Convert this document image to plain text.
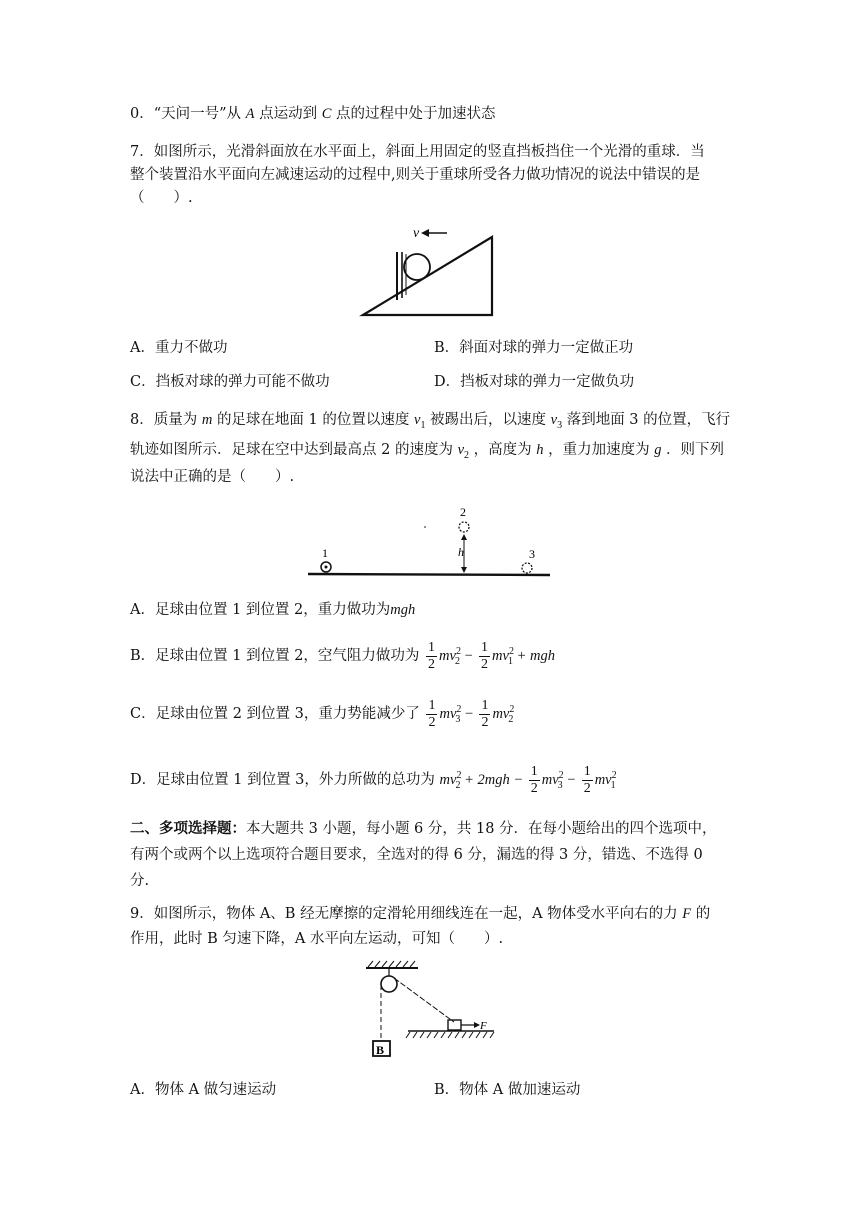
0．“天问一号”从 A 点运动到 C 点的过程中处于加速状态
7．如图所示，光滑斜面放在水平面上，斜面上用固定的竖直挡板挡住一个光滑的重球．当
整个装置沿水平面向左减速运动的过程中,则关于重球所受各力做功情况的说法中错误的是
（　　）.
v
A．重力不做功	B．斜面对球的弹力一定做正功
C．挡板对球的弹力可能不做功	D．挡板对球的弹力一定做负功
8．质量为 m 的足球在地面 1 的位置以速度 $v_1$ 被踢出后，以速度 $v_3$ 落到地面 3 的位置，飞行
轨迹如图所示．足球在空中达到最高点 2 的速度为 $v_2$ ，高度为 h ，重力加速度为 g ．则下列
说法中正确的是（　　）.
1
2
h	3
A．足球由位置 1 到位置 2，重力做功为mgh
B．足球由位置 1 到位置 2，空气阻力做功为 $\frac{1}{2} mv^2_2 - \frac{1}{2} mv^2_1$ + mgh
C．足球由位置 2 到位置 3，重力势能减少了 $\frac{1}{2} mv^2_3 - \frac{1}{2} mv^2_2$
D．足球由位置 1 到位置 3，外力所做的总功为 $mv^2_2 + 2mgh - \frac{1}{2} mv^2_3 - \frac{1}{2} mv^2_1$
二、多项选择题：本大题共 3 小题，每小题 6 分，共 18 分．在每小题给出的四个选项中，
有两个或两个以上选项符合题目要求，全选对的得 6 分，漏选的得 3 分，错选、不选得 0
分.
9．如图所示，物体 A、B 经无摩擦的定滑轮用细线连在一起，A 物体受水平向右的力 F 的
作用，此时 B 匀速下降，A 水平向左运动，可知（　　）.
F
B
A．物体 A 做匀速运动	B．物体 A 做加速运动
